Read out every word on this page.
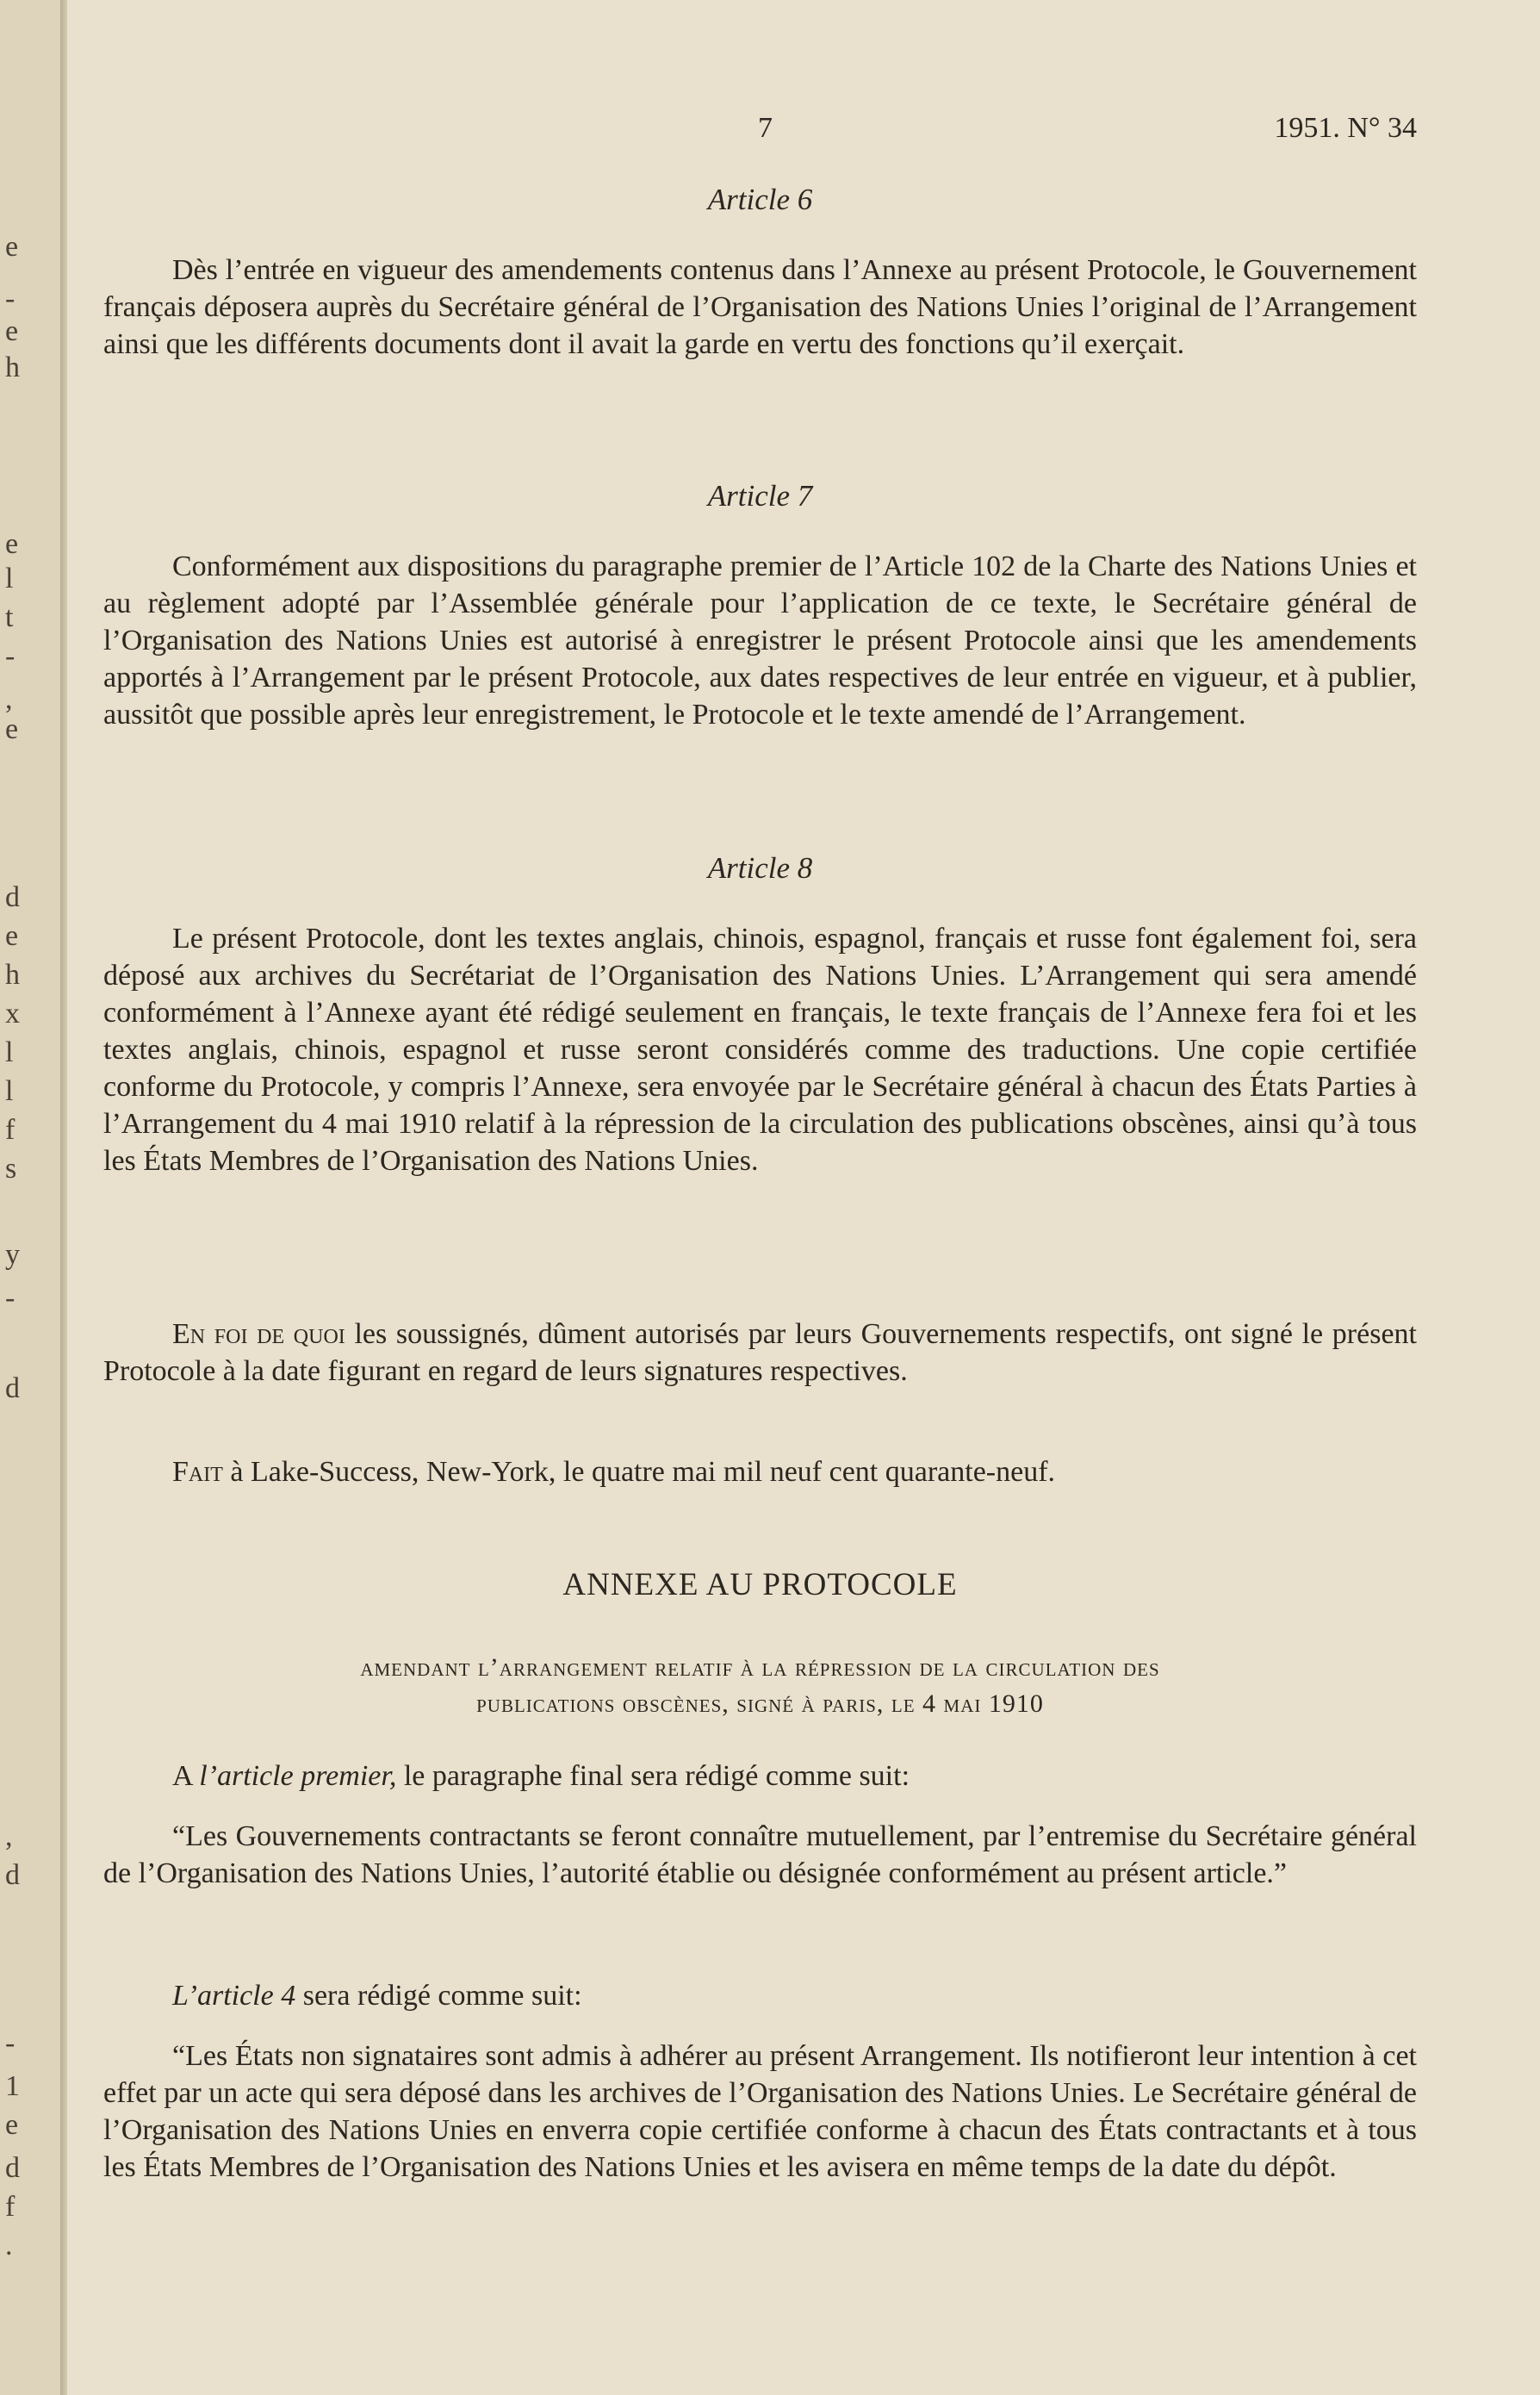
e
-
e
h
e
l
t
-
,
e
d
e
h
x
l
l
f
s
y
-
d
,
d
-
1
e
d
f
.
7	1951. N° 34
Article 6

Dès l’entrée en vigueur des amendements contenus dans l’Annexe au présent Protocole, le Gouvernement français déposera auprès du Secrétaire général de l’Organisation des Nations Unies l’original de l’Arrangement ainsi que les différents documents dont il avait la garde en vertu des fonctions qu’il exerçait.

Article 7

Conformément aux dispositions du paragraphe premier de l’Article 102 de la Charte des Nations Unies et au règlement adopté par l’Assemblée générale pour l’application de ce texte, le Secrétaire général de l’Organisation des Nations Unies est autorisé à enregistrer le présent Protocole ainsi que les amendements apportés à l’Arrangement par le présent Protocole, aux dates respectives de leur entrée en vigueur, et à publier, aussitôt que possible après leur enregistrement, le Protocole et le texte amendé de l’Arrangement.

Article 8

Le présent Protocole, dont les textes anglais, chinois, espagnol, français et russe font également foi, sera déposé aux archives du Secrétariat de l’Organisation des Nations Unies. L’Arrangement qui sera amendé conformément à l’Annexe ayant été rédigé seulement en français, le texte français de l’Annexe fera foi et les textes anglais, chinois, espagnol et russe seront considérés comme des traductions. Une copie certifiée conforme du Protocole, y compris l’Annexe, sera envoyée par le Secrétaire général à chacun des États Parties à l’Arrangement du 4 mai 1910 relatif à la répression de la circulation des publications obscènes, ainsi qu’à tous les États Membres de l’Organisation des Nations Unies.

En foi de quoi les soussignés, dûment autorisés par leurs Gouvernements respectifs, ont signé le présent Protocole à la date figurant en regard de leurs signatures respectives.

Fait à Lake-Success, New-York, le quatre mai mil neuf cent quarante-neuf.

ANNEXE AU PROTOCOLE
amendant l’arrangement relatif à la répression de la circulation des
publications obscènes, signé à paris, le 4 mai 1910

A l’article premier, le paragraphe final sera rédigé comme suit:

“Les Gouvernements contractants se feront connaître mutuellement, par l’entremise du Secrétaire général de l’Organisation des Nations Unies, l’autorité établie ou désignée conformément au présent article.”

L’article 4 sera rédigé comme suit:

“Les États non signataires sont admis à adhérer au présent Arrangement. Ils notifieront leur intention à cet effet par un acte qui sera déposé dans les archives de l’Organisation des Nations Unies. Le Secrétaire général de l’Organisation des Nations Unies en enverra copie certifiée conforme à chacun des États contractants et à tous les États Membres de l’Organisation des Nations Unies et les avisera en même temps de la date du dépôt.
